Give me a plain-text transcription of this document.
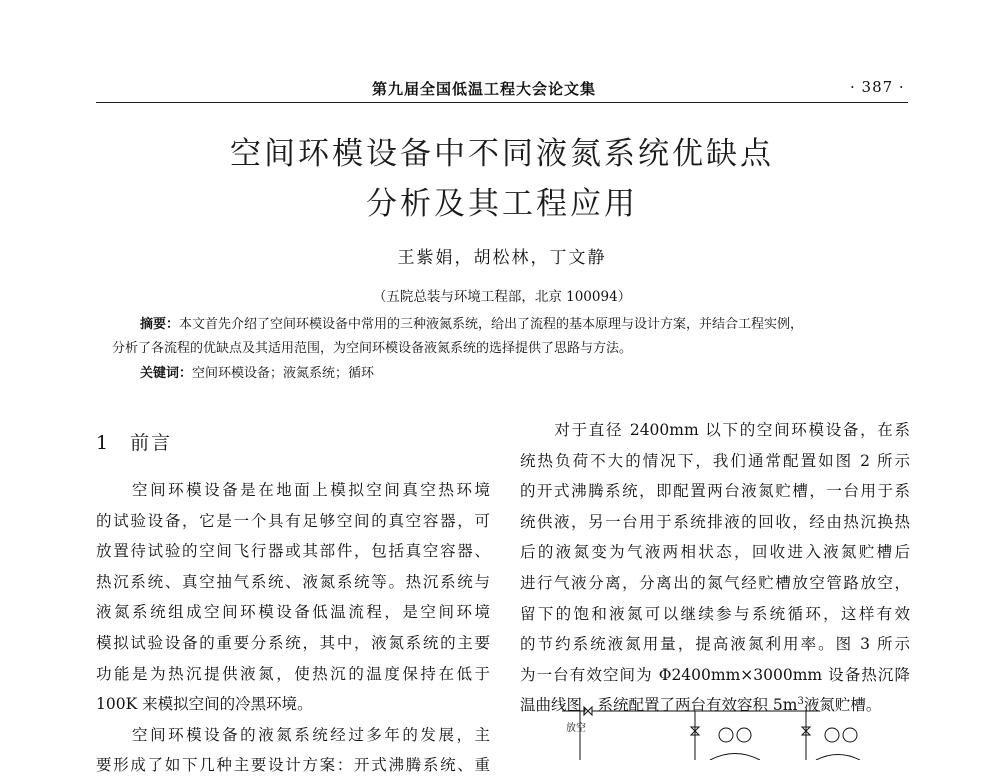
第九届全国低温工程大会论文集	· 387 ·
空间环模设备中不同液氮系统优缺点
分析及其工程应用
王紫娟，胡松林，丁文静
（五院总装与环境工程部，北京 100094）
摘要：本文首先介绍了空间环模设备中常用的三种液氮系统，给出了流程的基本原理与设计方案，并结合工程实例，
分析了各流程的优缺点及其适用范围，为空间环模设备液氮系统的选择提供了思路与方法。
关键词：空间环模设备；液氮系统；循环
1 前言

　　空间环模设备是在地面上模拟空间真空热环境

的试验设备，它是一个具有足够空间的真空容器，可

放置待试验的空间飞行器或其部件，包括真空容器、

热沉系统、真空抽气系统、液氮系统等。热沉系统与

液氮系统组成空间环模设备低温流程，是空间环境

模拟试验设备的重要分系统，其中，液氮系统的主要

功能是为热沉提供液氮，使热沉的温度保持在低于

100K 来模拟空间的冷黑环境。

　　空间环模设备的液氮系统经过多年的发展，主

要形成了如下几种主要设计方案：开式沸腾系统、重

　　对于直径 2400mm 以下的空间环模设备，在系

统热负荷不大的情况下，我们通常配置如图 2 所示

的开式沸腾系统，即配置两台液氮贮槽，一台用于系

统供液，另一台用于系统排液的回收，经由热沉换热

后的液氮变为气液两相状态，回收进入液氮贮槽后

进行气液分离，分离出的氮气经贮槽放空管路放空，

留下的饱和液氮可以继续参与系统循环，这样有效

的节约系统液氮用量，提高液氮利用率。图 3 所示

为一台有效空间为 Φ2400mm×3000mm 设备热沉降

温曲线图，系统配置了两台有效容积 $5m^3$液氮贮槽。

放空
